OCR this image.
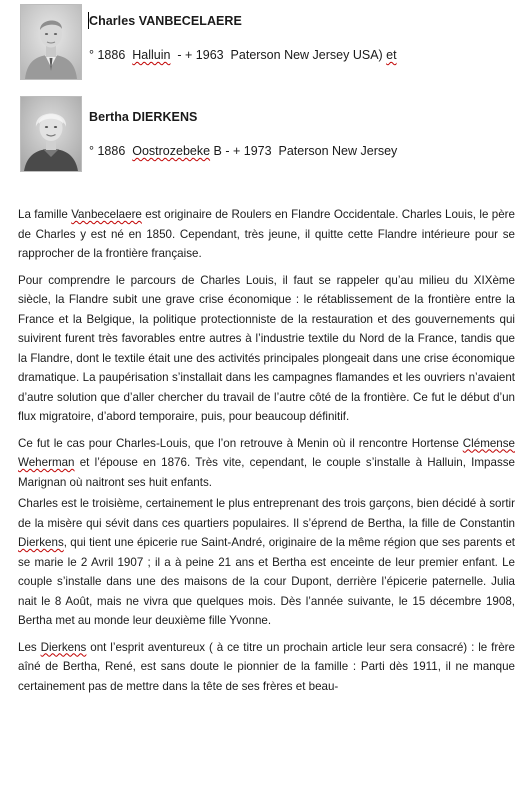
Charles VANBECELAERE
° 1886  Halluin  - + 1963  Paterson New Jersey USA) et
Bertha DIERKENS
° 1886  Oostrozebeke B - + 1973  Paterson New Jersey

La famille Vanbecelaere est originaire de Roulers en Flandre Occidentale. Charles Louis, le père de Charles y est né en 1850. Cependant, très jeune, il quitte cette Flandre intérieure pour se rapprocher de la frontière française.

Pour comprendre le parcours de Charles Louis, il faut se rappeler qu’au milieu du XIXème siècle, la Flandre subit une grave crise économique : le rétablissement de la frontière entre la France et la Belgique, la politique protectionniste de la restauration et des gouvernements qui suivirent furent très favorables entre autres à l’industrie textile du Nord de la France, tandis que la Flandre, dont le textile était une des activités principales plongeait dans une crise économique dramatique. La paupérisation s’installait dans les campagnes flamandes et les ouvriers n’avaient d’autre solution que d’aller chercher du travail de l’autre côté de la frontière. Ce fut le début d’un flux migratoire, d’abord temporaire, puis, pour beaucoup définitif.

Ce fut le cas pour Charles-Louis, que l’on retrouve à Menin où il rencontre Hortense Clémense Weherman et l’épouse en 1876. Très vite, cependant, le couple s’installe à Halluin, Impasse Marignan où naitront ses huit enfants.

Charles est le troisième, certainement le plus entreprenant des trois garçons, bien décidé à sortir de la misère qui sévit dans ces quartiers populaires. Il s’éprend de Bertha, la fille de Constantin Dierkens, qui tient une épicerie rue Saint-André, originaire de la même région que ses parents et se marie le 2 Avril 1907 ; il a à peine 21 ans et Bertha est enceinte de leur premier enfant. Le couple s’installe dans une des maisons de la cour Dupont, derrière l’épicerie paternelle. Julia nait le 8 Août, mais ne vivra que quelques mois. Dès l’année suivante, le 15 décembre 1908, Bertha met au monde leur deuxième fille Yvonne.

Les Dierkens ont l’esprit aventureux ( à ce titre un prochain article leur sera consacré) : le frère aîné de Bertha, René, est sans doute le pionnier de la famille : Parti dès 1911, il ne manque certainement pas de mettre dans la tête de ses frères et beau-
